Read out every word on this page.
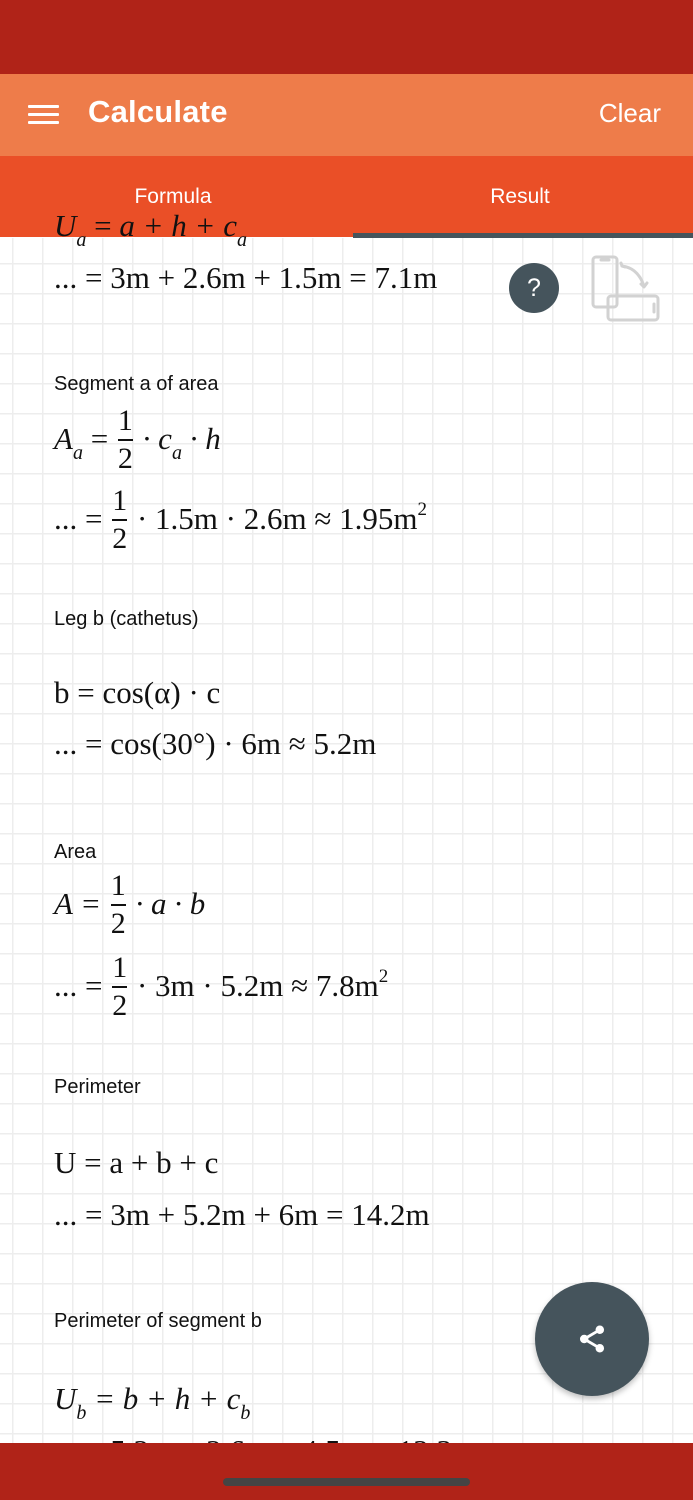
Calculate	Clear
Formula	Result
$U_a = a + h + c_a$
... = 3m + 2.6m + 1.5m = 7.1m
Segment a of area
$A_a = \frac{1}{2} \cdot c_a \cdot h$
... = $\frac{1}{2} \cdot 1.5m \cdot 2.6m \approx 1.95m^2$
Leg b (cathetus)
b = cos(α) · c
... = cos(30°) · 6m ≈ 5.2m
Area
$A = \frac{1}{2} \cdot a \cdot b$
... = $\frac{1}{2} \cdot 3m \cdot 5.2m \approx 7.8m^2$
Perimeter
U = a + b + c
... = 3m + 5.2m + 6m = 14.2m
Perimeter of segment b
$U_b = b + h + c_b$
?
